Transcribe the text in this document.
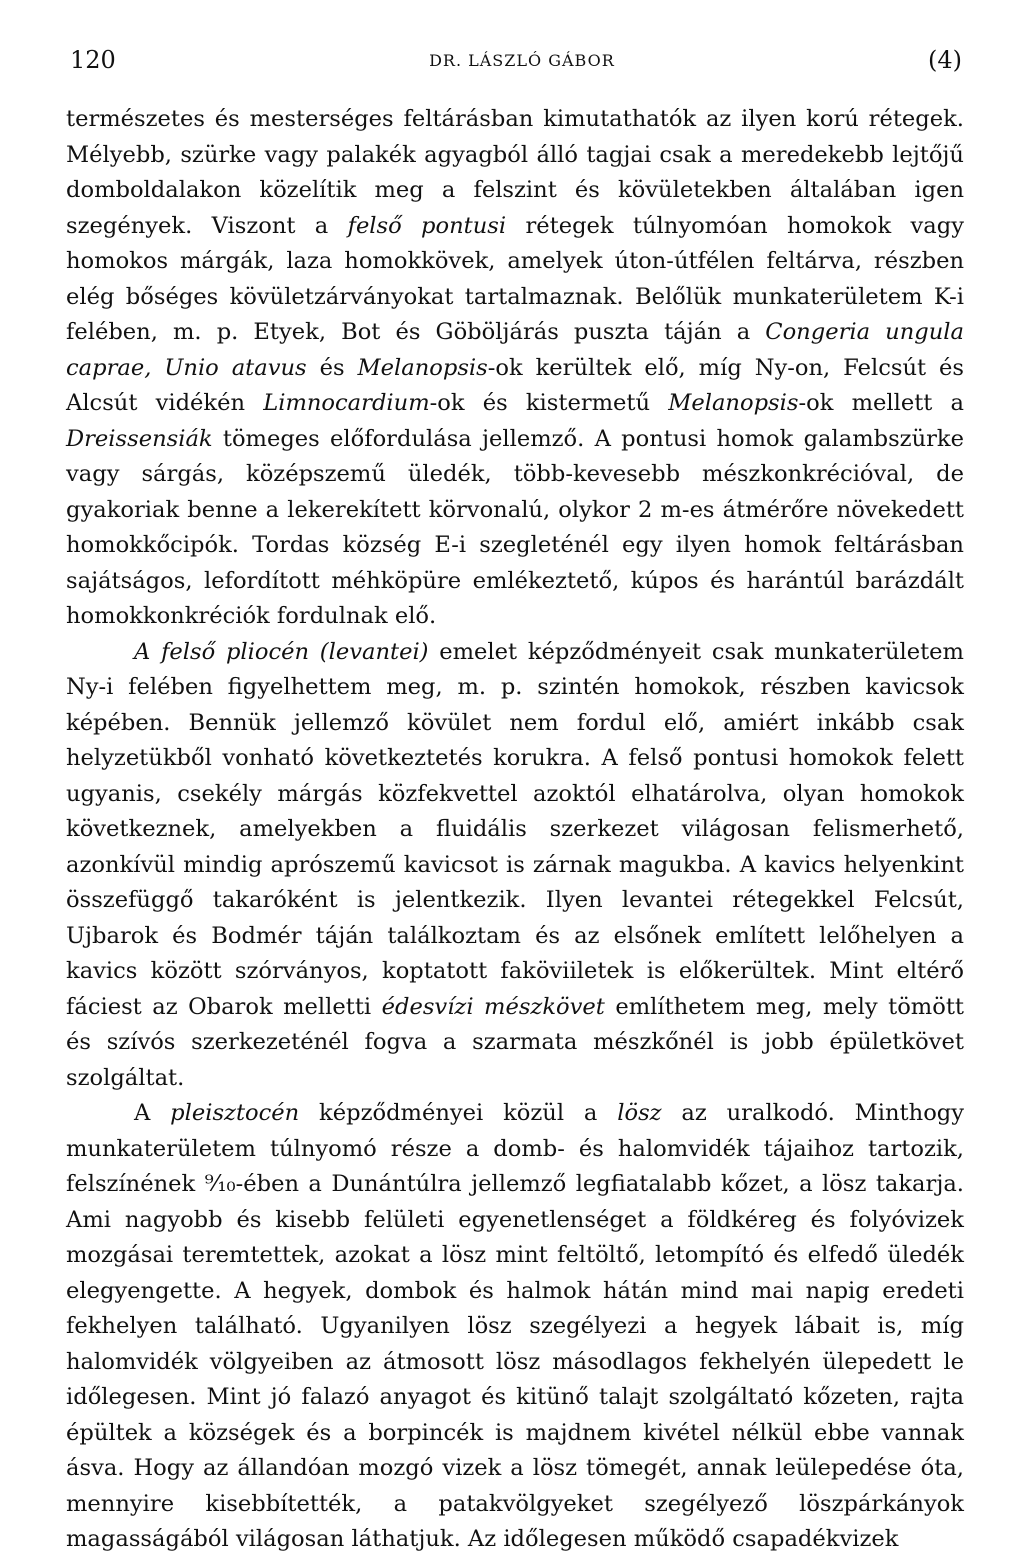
120	DR. LÁSZLÓ GÁBOR	(4)

természetes és mesterséges feltárásban kimutathatók az ilyen korú rétegek. Mélyebb, szürke vagy palakék agyagból álló tagjai csak a meredekebb lejtőjű domboldalakon közelítik meg a felszint és kövületekben általában igen szegények. Viszont a felső pontusi rétegek túlnyomóan homokok vagy homokos márgák, laza homokkövek, amelyek úton-útfélen feltárva, részben elég bőséges kövületzárványokat tartalmaznak. Belőlük munkaterületem K-i felében, m. p. Etyek, Bot és Göböljárás puszta táján a Congeria ungula caprae, Unio atavus és Melanopsis-ok kerültek elő, míg Ny-on, Felcsút és Alcsút vidékén Limnocardium-ok és kistermetű Melanopsis-ok mellett a Dreissensiák tömeges előfordulása jellemző. A pontusi homok galambszürke vagy sárgás, középszemű üledék, több-kevesebb mészkonkrécióval, de gyakoriak benne a lekerekített körvonalú, olykor 2 m-es átmérőre növekedett homokkőcipók. Tordas község E-i szegleténél egy ilyen homok feltárásban sajátságos, lefordított méhköpüre emlékeztető, kúpos és harántúl barázdált homokkonkréciók fordulnak elő.

A felső pliocén (levantei) emelet képződményeit csak munkaterületem Ny-i felében figyelhettem meg, m. p. szintén homokok, részben kavicsok képében. Bennük jellemző kövület nem fordul elő, amiért inkább csak helyzetükből vonható következtetés korukra. A felső pontusi homokok felett ugyanis, csekély márgás közfekvettel azoktól elhatárolva, olyan homokok következnek, amelyekben a fluidális szerkezet világosan felismerhető, azonkívül mindig aprószemű kavicsot is zárnak magukba. A kavics helyenkint összefüggő takaróként is jelentkezik. Ilyen levantei rétegekkel Felcsút, Ujbarok és Bodmér táján találkoztam és az elsőnek említett lelőhelyen a kavics között szórványos, koptatott faköviiletek is előkerültek. Mint eltérő fáciest az Obarok melletti édesvízi mészkövet említhetem meg, mely tömött és szívós szerkezeténél fogva a szarmata mészkőnél is jobb épületkövet szolgáltat.

A pleisztocén képződményei közül a lösz az uralkodó. Minthogy munkaterületem túlnyomó része a domb- és halomvidék tájaihoz tartozik, felszínének ⁹⁄₁₀-ében a Dunántúlra jellemző legfiatalabb kőzet, a lösz takarja. Ami nagyobb és kisebb felületi egyenetlenséget a földkéreg és folyóvizek mozgásai teremtettek, azokat a lösz mint feltöltő, letompító és elfedő üledék elegyengette. A hegyek, dombok és halmok hátán mind mai napig eredeti fekhelyen található. Ugyanilyen lösz szegélyezi a hegyek lábait is, míg halomvidék völgyeiben az átmosott lösz másodlagos fekhelyén ülepedett le időlegesen. Mint jó falazó anyagot és kitünő talajt szolgáltató kőzeten, rajta épültek a községek és a borpincék is majdnem kivétel nélkül ebbe vannak ásva. Hogy az állandóan mozgó vizek a lösz tömegét, annak leülepedése óta, mennyire kisebbítették, a patakvölgyeket szegélyező löszpárkányok magasságából világosan láthatjuk. Az időlegesen működő csapadékvizek
